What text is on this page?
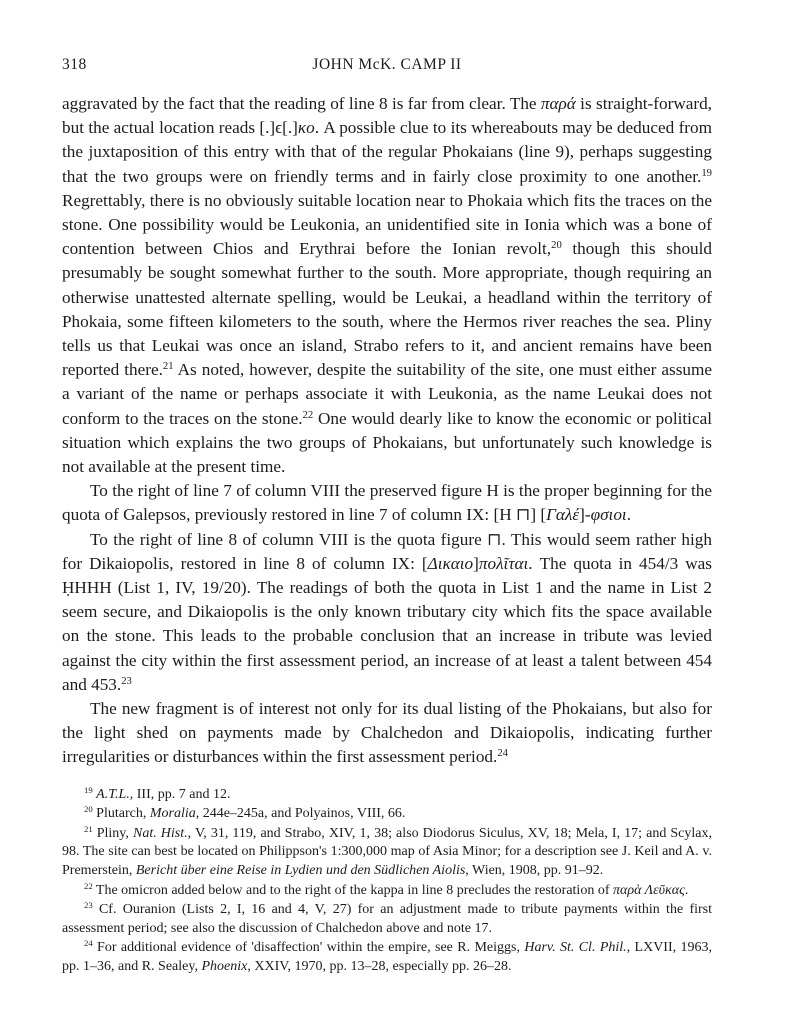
318	JOHN McK. CAMP II

aggravated by the fact that the reading of line 8 is far from clear. The παρά is straight-forward, but the actual location reads [.]ϵ[.]κο. A possible clue to its whereabouts may be deduced from the juxtaposition of this entry with that of the regular Phokaians (line 9), perhaps suggesting that the two groups were on friendly terms and in fairly close proximity to one another.$^{19}$ Regrettably, there is no obviously suitable location near to Phokaia which fits the traces on the stone. One possibility would be Leukonia, an unidentified site in Ionia which was a bone of contention between Chios and Erythrai before the Ionian revolt,$^{20}$ though this should presumably be sought somewhat further to the south. More appropriate, though requiring an otherwise unattested alternate spelling, would be Leukai, a headland within the territory of Phokaia, some fifteen kilometers to the south, where the Hermos river reaches the sea. Pliny tells us that Leukai was once an island, Strabo refers to it, and ancient remains have been reported there.$^{21}$ As noted, however, despite the suitability of the site, one must either assume a variant of the name or perhaps associate it with Leukonia, as the name Leukai does not conform to the traces on the stone.$^{22}$ One would dearly like to know the economic or political situation which explains the two groups of Phokaians, but unfortunately such knowledge is not available at the present time.

To the right of line 7 of column VIII the preserved figure H is the proper beginning for the quota of Galepsos, previously restored in line 7 of column IX: [H ⊓] [Γαλέ]-φσιοι.

To the right of line 8 of column VIII is the quota figure ⊓. This would seem rather high for Dikaiopolis, restored in line 8 of column IX: [Δικαιο]πολῖται. The quota in 454/3 was ḤHHH (List 1, IV, 19/20). The readings of both the quota in List 1 and the name in List 2 seem secure, and Dikaiopolis is the only known tributary city which fits the space available on the stone. This leads to the probable conclusion that an increase in tribute was levied against the city within the first assessment period, an increase of at least a talent between 454 and 453.23

The new fragment is of interest not only for its dual listing of the Phokaians, but also for the light shed on payments made by Chalchedon and Dikaiopolis, indicating further irregularities or disturbances within the first assessment period.$^{24}$

$^{19}$ A.T.L., III, pp. 7 and 12.

$^{20}$ Plutarch, Moralia, 244e–245a, and Polyainos, VIII, 66.

$^{21}$ Pliny, Nat. Hist., V, 31, 119, and Strabo, XIV, 1, 38; also Diodorus Siculus, XV, 18; Mela, I, 17; and Scylax, 98. The site can best be located on Philippson's 1:300,000 map of Asia Minor; for a description see J. Keil and A. v. Premerstein, Bericht über eine Reise in Lydien und den Südlichen Aiolis, Wien, 1908, pp. 91–92.

$^{22}$ The omicron added below and to the right of the kappa in line 8 precludes the restoration of παρὰ Λεῦκας.

$^{23}$ Cf. Ouranion (Lists 2, I, 16 and 4, V, 27) for an adjustment made to tribute payments within the first assessment period; see also the discussion of Chalchedon above and note 17.

$^{24}$ For additional evidence of 'disaffection' within the empire, see R. Meiggs, Harv. St. Cl. Phil., LXVII, 1963, pp. 1–36, and R. Sealey, Phoenix, XXIV, 1970, pp. 13–28, especially pp. 26–28.
